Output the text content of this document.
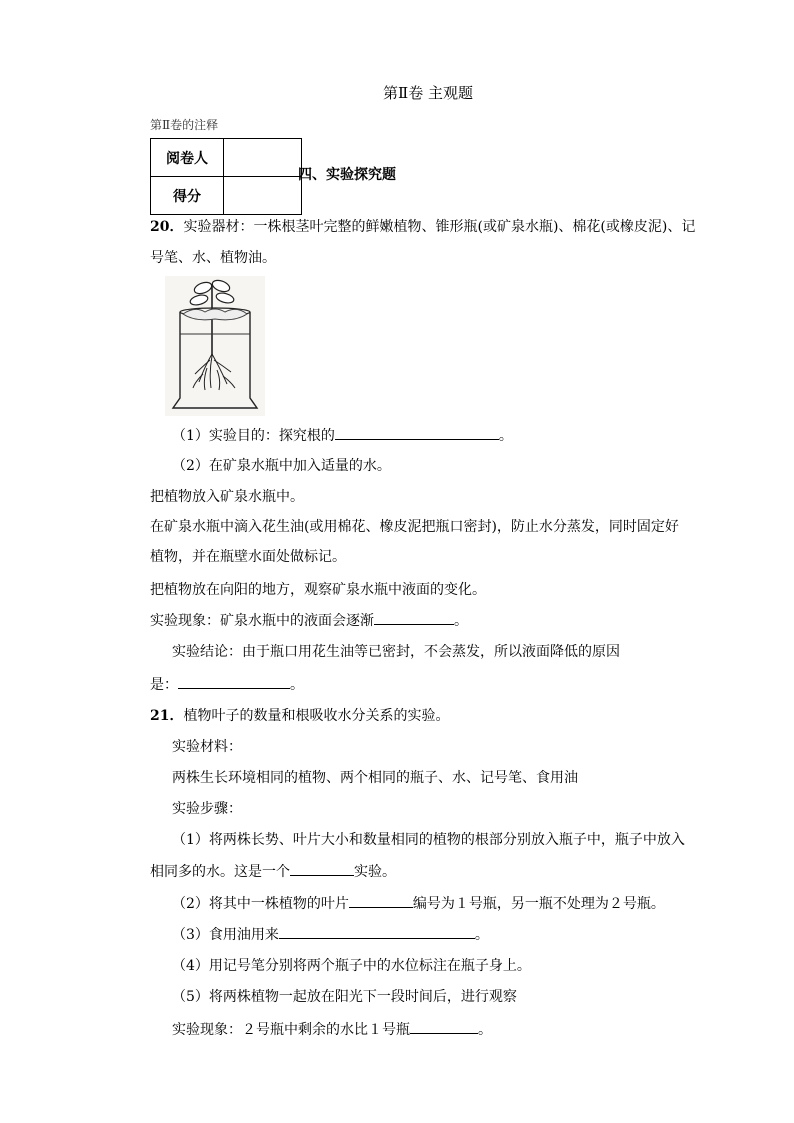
第Ⅱ卷 主观题
第Ⅱ卷的注释
阅卷人	
得分	
四、实验探究题
20．实验器材：一株根茎叶完整的鲜嫩植物、锥形瓶(或矿泉水瓶)、棉花(或橡皮泥)、记
号笔、水、植物油。
（1）实验目的：探究根的	。
（2）在矿泉水瓶中加入适量的水。
把植物放入矿泉水瓶中。
在矿泉水瓶中滴入花生油(或用棉花、橡皮泥把瓶口密封)，防止水分蒸发，同时固定好
植物，并在瓶壁水面处做标记。
把植物放在向阳的地方，观察矿泉水瓶中液面的变化。
实验现象：矿泉水瓶中的液面会逐渐	。
实验结论：由于瓶口用花生油等已密封，不会蒸发，所以液面降低的原因
是：	。
21．植物叶子的数量和根吸收水分关系的实验。
实验材料：
两株生长环境相同的植物、两个相同的瓶子、水、记号笔、食用油
实验步骤：
（1）将两株长势、叶片大小和数量相同的植物的根部分别放入瓶子中，瓶子中放入
相同多的水。这是一个	实验。
（2）将其中一株植物的叶片	编号为１号瓶，另一瓶不处理为２号瓶。
（3）食用油用来	。
（4）用记号笔分别将两个瓶子中的水位标注在瓶子身上。
（5）将两株植物一起放在阳光下一段时间后，进行观察
实验现象：２号瓶中剩余的水比１号瓶	。
